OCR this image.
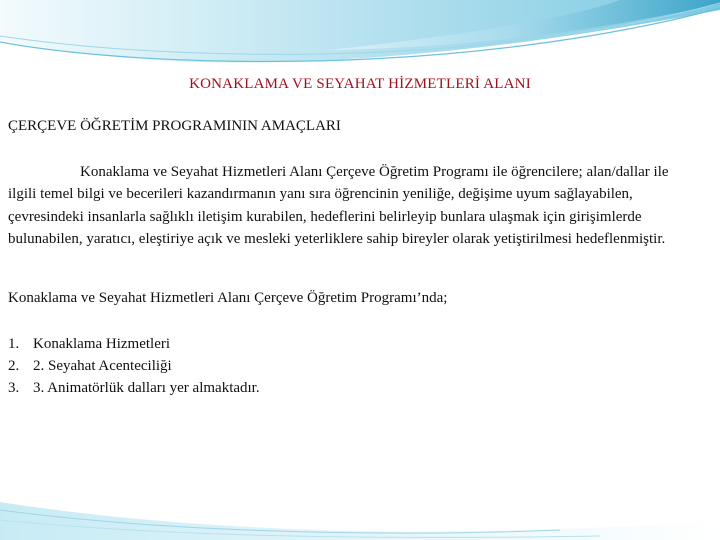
KONAKLAMA VE SEYAHAT HİZMETLERİ ALANI
ÇERÇEVE ÖĞRETİM PROGRAMININ AMAÇLARI
Konaklama ve Seyahat Hizmetleri Alanı Çerçeve Öğretim Programı ile öğrencilere; alan/dallar ile ilgili temel bilgi ve becerileri kazandırmanın yanı sıra öğrencinin yeniliğe, değişime uyum sağlayabilen, çevresindeki insanlarla sağlıklı iletişim kurabilen, hedeflerini belirleyip bunlara ulaşmak için girişimlerde bulunabilen, yaratıcı, eleştiriye açık ve mesleki yeterliklere sahip bireyler olarak yetiştirilmesi hedeflenmiştir.
Konaklama ve Seyahat Hizmetleri Alanı Çerçeve Öğretim Programı’nda;
1. Konaklama Hizmetleri
2. 2. Seyahat Acenteciliği
3. 3. Animatörlük dalları yer almaktadır.
